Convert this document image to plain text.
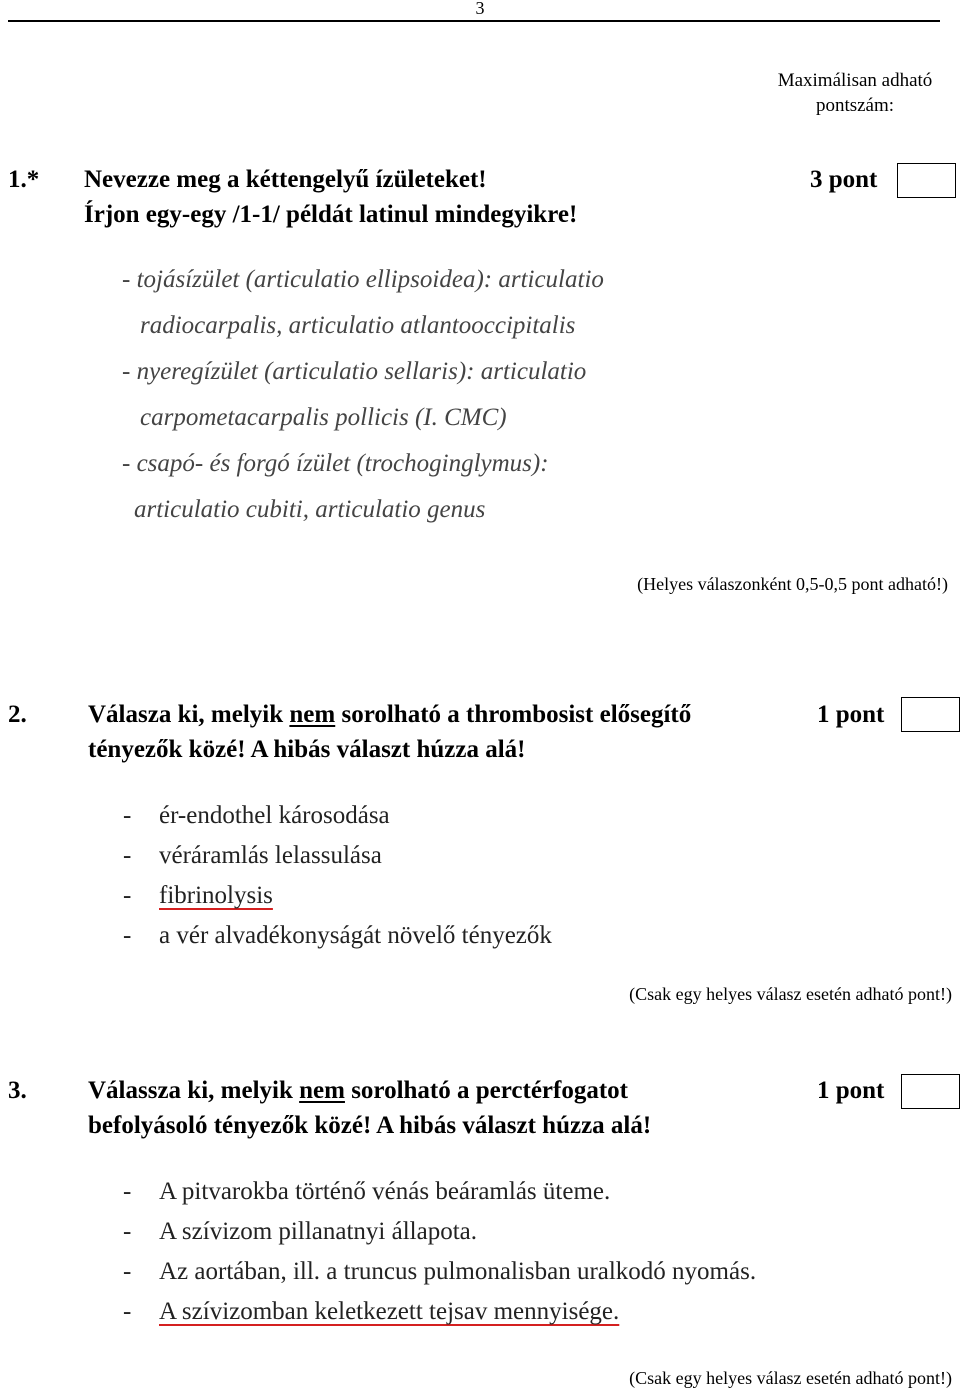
3
Maximálisan adható pontszám:
1.* Nevezze meg a kéttengelyű ízületeket!
Írjon egy-egy /1-1/ példát latinul mindegyikre!
3 pont
- tojásízület (articulatio ellipsoidea): articulatio
radiocarpalis, articulatio atlantooccipitalis
- nyeregízület (articulatio sellaris): articulatio
carpometacarpalis pollicis (I. CMC)
- csapó- és forgó ízület (trochoginglymus):
articulatio cubiti, articulatio genus
(Helyes válaszonként 0,5-0,5 pont adható!)
2. Válasza ki, melyik nem sorolható a thrombosist elősegítő
tényezők közé! A hibás választ húzza alá!
1 pont
- ér-endothel károsodása
- véráramlás lelassulása
- fibrinolysis
- a vér alvadékonyságát növelő tényezők
(Csak egy helyes válasz esetén adható pont!)
3. Válassza ki, melyik nem sorolható a perctérfogatot
befolyásoló tényezők közé! A hibás választ húzza alá!
1 pont
- A pitvarokba történő vénás beáramlás üteme.
- A szívizom pillanatnyi állapota.
- Az aortában, ill. a truncus pulmonalisban uralkodó nyomás.
- A szívizomban keletkezett tejsav mennyisége.
(Csak egy helyes válasz esetén adható pont!)
